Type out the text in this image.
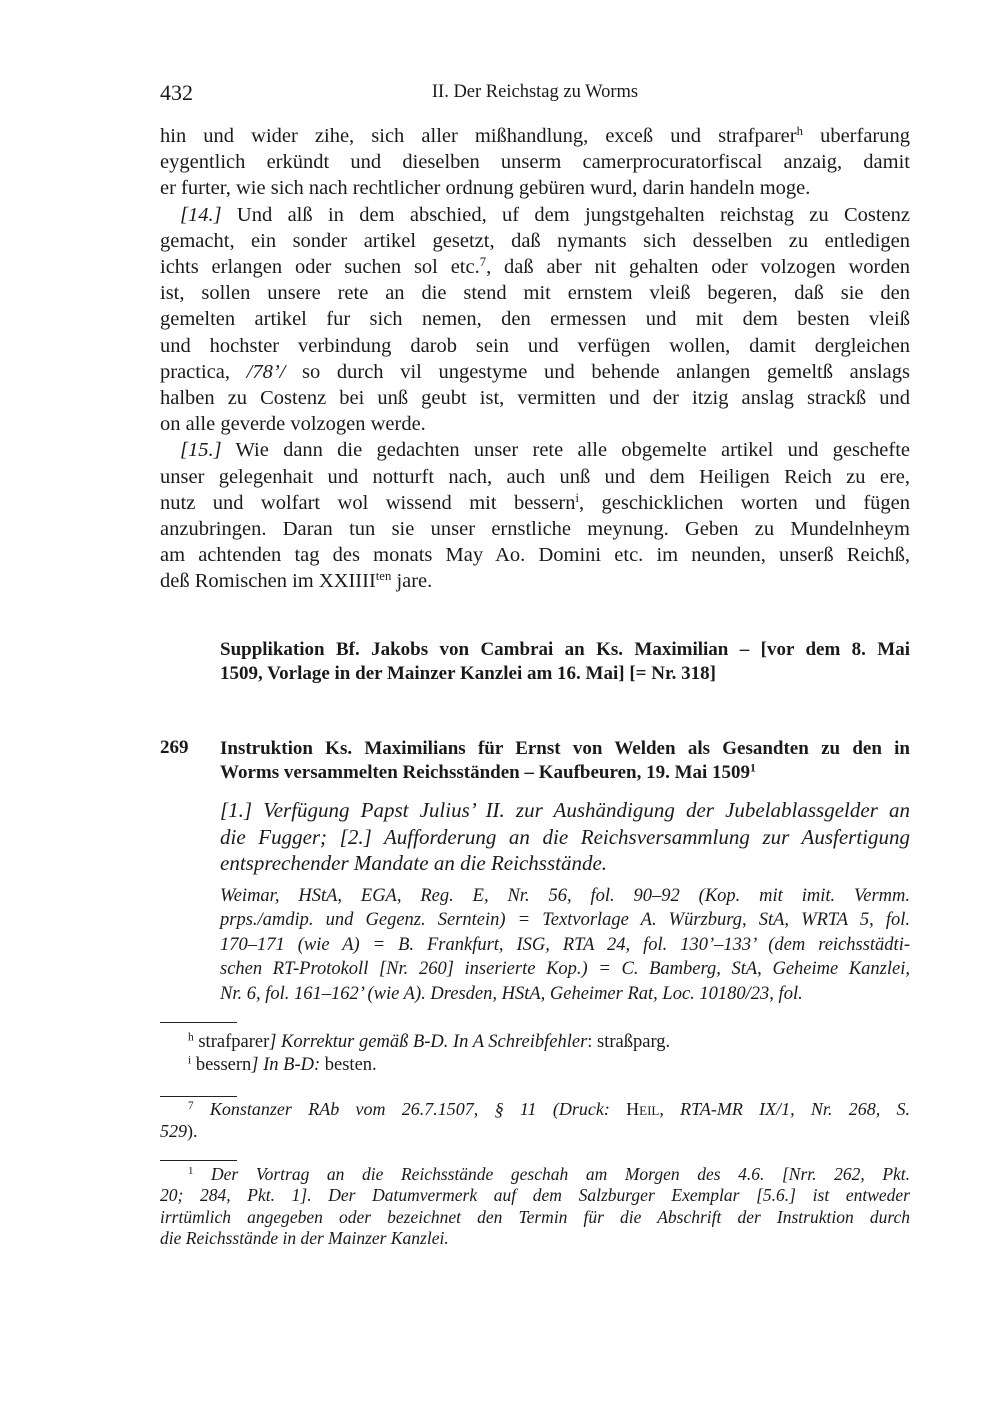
432	II. Der Reichstag zu Worms
hin und wider zihe, sich aller mißhandlung, exceß und strafparer$^h$ uberfarung
eygentlich erkündt und dieselben unserm camerprocuratorfiscal anzaig, damit
er furter, wie sich nach rechtlicher ordnung gebüren wurd, darin handeln moge.
[14.] Und alß in dem abschied, uf dem jungstgehalten reichstag zu Costenz
gemacht, ein sonder artikel gesetzt, daß nymants sich desselben zu entledigen
ichts erlangen oder suchen sol etc.$^7$, daß aber nit gehalten oder volzogen worden
ist, sollen unsere rete an die stend mit ernstem vleiß begeren, daß sie den
gemelten artikel fur sich nemen, den ermessen und mit dem besten vleiß
und hochster verbindung darob sein und verfügen wollen, damit dergleichen
practica, /78’/ so durch vil ungestyme und behende anlangen gemeltß anslags
halben zu Costenz bei unß geubt ist, vermitten und der itzig anslag strackß und
on alle geverde volzogen werde.
[15.] Wie dann die gedachten unser rete alle obgemelte artikel und geschefte
unser gelegenhait und notturft nach, auch unß und dem Heiligen Reich zu ere,
nutz und wolfart wol wissend mit bessern$^i$, geschicklichen worten und fügen
anzubringen. Daran tun sie unser ernstliche meynung. Geben zu Mundelnheym
am achtenden tag des monats May Ao. Domini etc. im neunden, unserß Reichß,
deß Romischen im $XXIIII^{ten}$ jare.
Supplikation Bf. Jakobs von Cambrai an Ks. Maximilian – [vor dem 8. Mai
1509, Vorlage in der Mainzer Kanzlei am 16. Mai] [= Nr. 318]
269 Instruktion Ks. Maximilians für Ernst von Welden als Gesandten zu den in
Worms versammelten Reichsständen – Kaufbeuren, 19. Mai 1509$^1$
[1.] Verfügung Papst Julius’ II. zur Aushändigung der Jubelablassgelder an
die Fugger; [2.] Aufforderung an die Reichsversammlung zur Ausfertigung
entsprechender Mandate an die Reichsstände.
Weimar, HStA, EGA, Reg. E, Nr. 56, fol. 90–92 (Kop. mit imit. Vermm.
prps./amdip. und Gegenz. Serntein) = Textvorlage A. Würzburg, StA, WRTA 5, fol.
170–171 (wie A) = B. Frankfurt, ISG, RTA 24, fol. 130’–133’ (dem reichsstädti-
schen RT-Protokoll [Nr. 260] inserierte Kop.) = C. Bamberg, StA, Geheime Kanzlei,
Nr. 6, fol. 161–162’ (wie A). Dresden, HStA, Geheimer Rat, Loc. 10180/23, fol.
$^h$ strafparer] Korrektur gemäß B-D. In A Schreibfehler: straßparg.
$^i$ bessern] In B-D: besten.
$^7$ Konstanzer RAb vom 26.7.1507, § 11 (Druck: Heil, RTA-MR IX/1, Nr. 268, S.
529).
$^1$ Der Vortrag an die Reichsstände geschah am Morgen des 4.6. [Nrr. 262, Pkt.
20; 284, Pkt. 1]. Der Datumvermerk auf dem Salzburger Exemplar [5.6.] ist entweder
irrtümlich angegeben oder bezeichnet den Termin für die Abschrift der Instruktion durch
die Reichsstände in der Mainzer Kanzlei.
